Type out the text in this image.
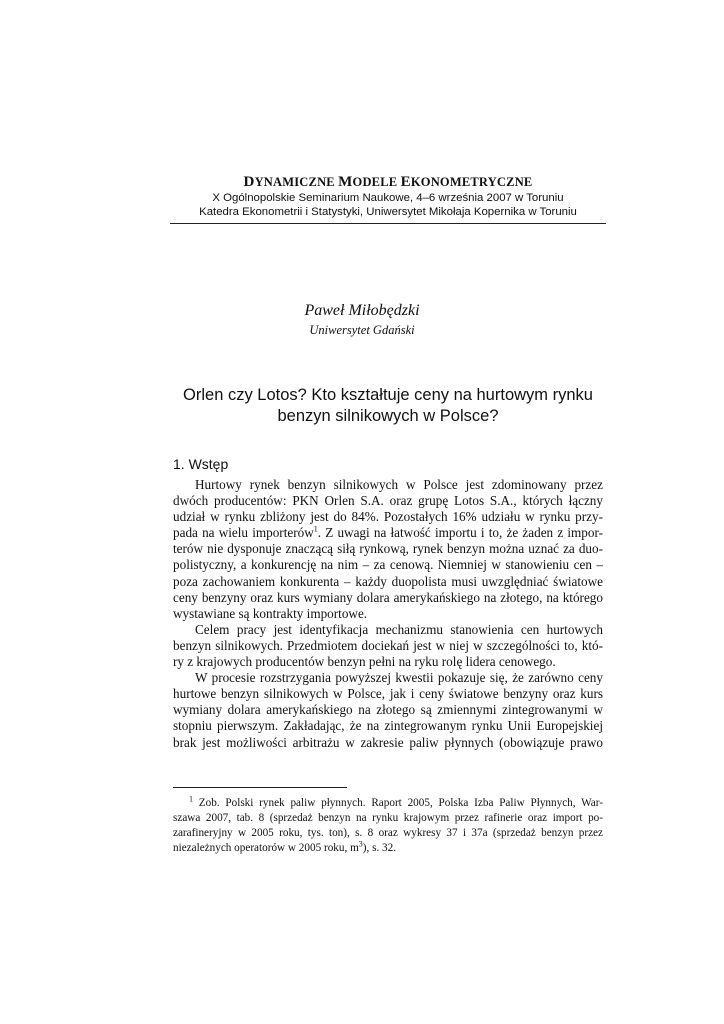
DYNAMICZNE MODELE EKONOMETRYCZNE
X Ogólnopolskie Seminarium Naukowe, 4–6 września 2007 w Toruniu
Katedra Ekonometrii i Statystyki, Uniwersytet Mikołaja Kopernika w Toruniu
Paweł Miłobędzki
Uniwersytet Gdański
Orlen czy Lotos? Kto kształtuje ceny na hurtowym rynku
benzyn silnikowych w Polsce?
1. Wstęp
Hurtowy rynek benzyn silnikowych w Polsce jest zdominowany przez
dwóch producentów: PKN Orlen S.A. oraz grupę Lotos S.A., których łączny
udział w rynku zbliżony jest do 84%. Pozostałych 16% udziału w rynku przy-
pada na wielu importerów$^1$. Z uwagi na łatwość importu i to, że żaden z impor-
terów nie dysponuje znaczącą siłą rynkową, rynek benzyn można uznać za duo-
polistyczny, a konkurencję na nim – za cenową. Niemniej w stanowieniu cen –
poza zachowaniem konkurenta – każdy duopolista musi uwzględniać światowe
ceny benzyny oraz kurs wymiany dolara amerykańskiego na złotego, na którego
wystawiane są kontrakty importowe.
Celem pracy jest identyfikacja mechanizmu stanowienia cen hurtowych
benzyn silnikowych. Przedmiotem dociekań jest w niej w szczególności to, któ-
ry z krajowych producentów benzyn pełni na ryku rolę lidera cenowego.
W procesie rozstrzygania powyższej kwestii pokazuje się, że zarówno ceny
hurtowe benzyn silnikowych w Polsce, jak i ceny światowe benzyny oraz kurs
wymiany dolara amerykańskiego na złotego są zmiennymi zintegrowanymi w
stopniu pierwszym. Zakładając, że na zintegrowanym rynku Unii Europejskiej
brak jest możliwości arbitrażu w zakresie paliw płynnych (obowiązuje prawo
$^1$ Zob. Polski rynek paliw płynnych. Raport 2005, Polska Izba Paliw Płynnych, War-
szawa 2007, tab. 8 (sprzedaż benzyn na rynku krajowym przez rafinerie oraz import po-
zarafineryjny w 2005 roku, tys. ton), s. 8 oraz wykresy 37 i 37a (sprzedaż benzyn przez
niezależnych operatorów w 2005 roku, $m^3$), s. 32.
